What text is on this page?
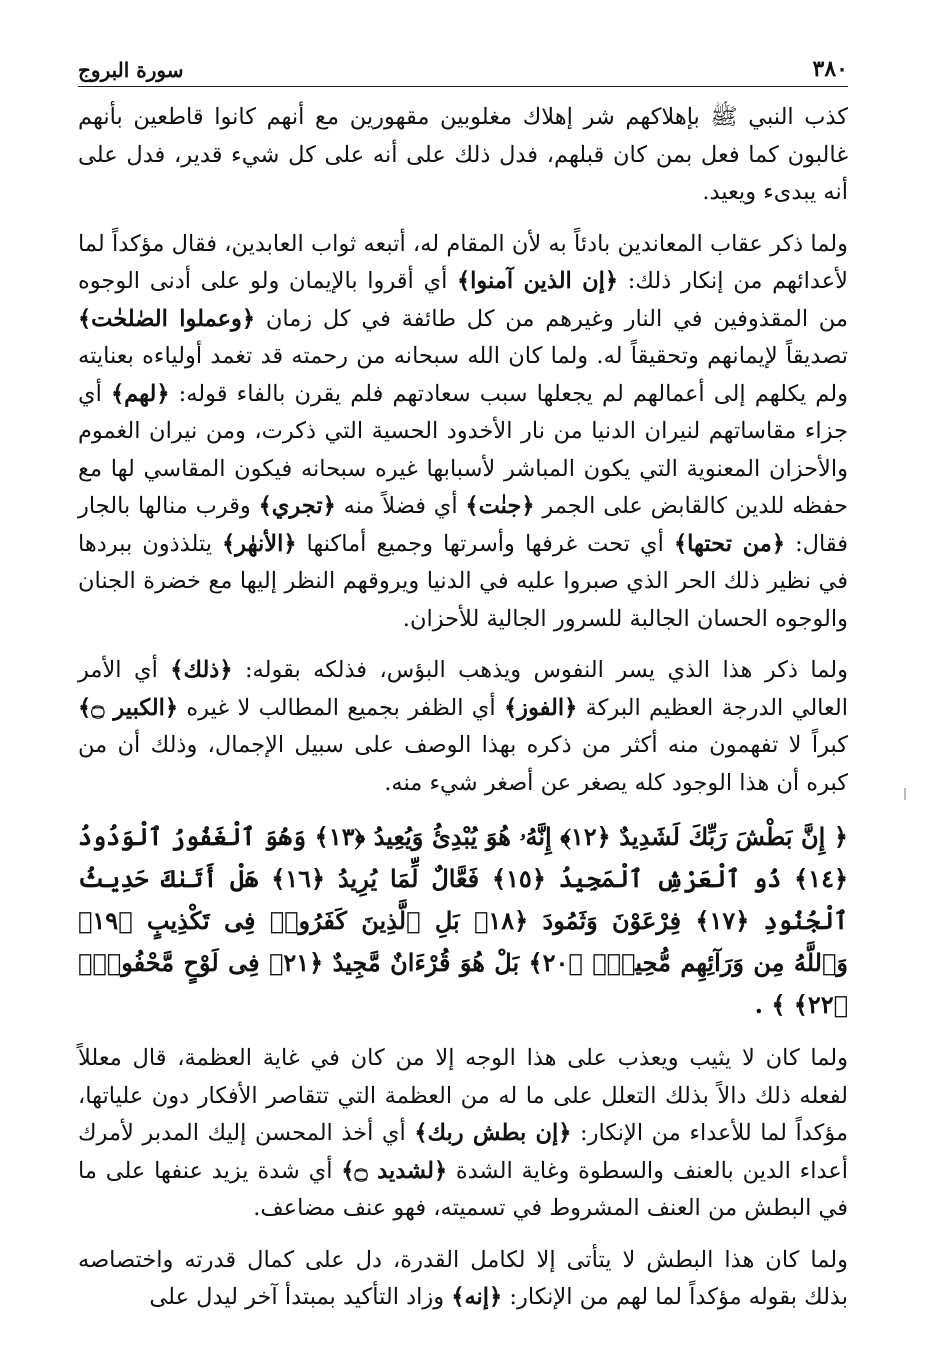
٣٨٠
سورة البروج

كذب النبي ﷺ بإهلاكهم شر إهلاك مغلوبين مقهورين مع أنهم كانوا قاطعين بأنهم غالبون كما فعل بمن كان قبلهم، فدل ذلك على أنه على كل شيء قدير، فدل على أنه يبدىء ويعيد.

ولما ذكر عقاب المعاندين بادئاً به لأن المقام له، أتبعه ثواب العابدين، فقال مؤكداً لما لأعدائهم من إنكار ذلك: ﴿إن الذين آمنوا﴾ أي أقروا بالإيمان ولو على أدنى الوجوه من المقذوفين في النار وغيرهم من كل طائفة في كل زمان ﴿وعملوا الصٰلحٰت﴾ تصديقاً لإيمانهم وتحقيقاً له. ولما كان الله سبحانه من رحمته قد تغمد أولياءه بعنايته ولم يكلهم إلى أعمالهم لم يجعلها سبب سعادتهم فلم يقرن بالفاء قوله: ﴿لهم﴾ أي جزاء مقاساتهم لنيران الدنيا من نار الأخدود الحسية التي ذكرت، ومن نيران الغموم والأحزان المعنوية التي يكون المباشر لأسبابها غيره سبحانه فيكون المقاسي لها مع حفظه للدين كالقابض على الجمر ﴿جنٰت﴾ أي فضلاً منه ﴿تجري﴾ وقرب منالها بالجار فقال: ﴿من تحتها﴾ أي تحت غرفها وأسرتها وجميع أماكنها ﴿الأنهٰر﴾ يتلذذون ببردها في نظير ذلك الحر الذي صبروا عليه في الدنيا ويروقهم النظر إليها مع خضرة الجنان والوجوه الحسان الجالبة للسرور الجالية للأحزان.

ولما ذكر هذا الذي يسر النفوس ويذهب البؤس، فذلكه بقوله: ﴿ذلك﴾ أي الأمر العالي الدرجة العظيم البركة ﴿الفوز﴾ أي الظفر بجميع المطالب لا غيره ﴿الكبير ۝﴾ كبراً لا تفهمون منه أكثر من ذكره بهذا الوصف على سبيل الإجمال، وذلك أن من كبره أن هذا الوجود كله يصغر عن أصغر شيء منه.

﴿ إِنَّ بَطْشَ رَبِّكَ لَشَدِيدٌ ﴿١٢﴾ إِنَّهُۥ هُوَ يُبْدِئُ وَيُعِيدُ ﴿١٣﴾ وَهُوَ ٱلْغَفُورُ ٱلْوَدُودُ ﴿١٤﴾ ذُو ٱلْعَرْشِ ٱلْمَجِيدُ ﴿١٥﴾ فَعَّالٌ لِّمَا يُرِيدُ ﴿١٦﴾ هَلْ أَتَىٰكَ حَدِيثُ ٱلْجُنُودِ ﴿١٧﴾ فِرْعَوْنَ وَثَمُودَ ﴿١٨﴾ بَلِ ٱلَّذِينَ كَفَرُوا۟ فِى تَكْذِيبٍ ﴿١٩﴾ وَٱللَّهُ مِن وَرَآئِهِم مُّحِيطٌۢ ﴿٢٠﴾ بَلْ هُوَ قُرْءَانٌ مَّجِيدٌ ﴿٢١﴾ فِى لَوْحٍ مَّحْفُوظٍۭ ﴿٢٢﴾ ﴾ .

ولما كان لا يثيب ويعذب على هذا الوجه إلا من كان في غاية العظمة، قال معللاً لفعله ذلك دالاً بذلك التعلل على ما له من العظمة التي تتقاصر الأفكار دون علياتها، مؤكداً لما للأعداء من الإنكار: ﴿إن بطش ربك﴾ أي أخذ المحسن إليك المدبر لأمرك أعداء الدين بالعنف والسطوة وغاية الشدة ﴿لشديد ۝﴾ أي شدة يزيد عنفها على ما في البطش من العنف المشروط في تسميته، فهو عنف مضاعف.

ولما كان هذا البطش لا يتأتى إلا لكامل القدرة، دل على كمال قدرته واختصاصه بذلك بقوله مؤكداً لما لهم من الإنكار: ﴿إنه﴾ وزاد التأكيد بمبتدأ آخر ليدل على
